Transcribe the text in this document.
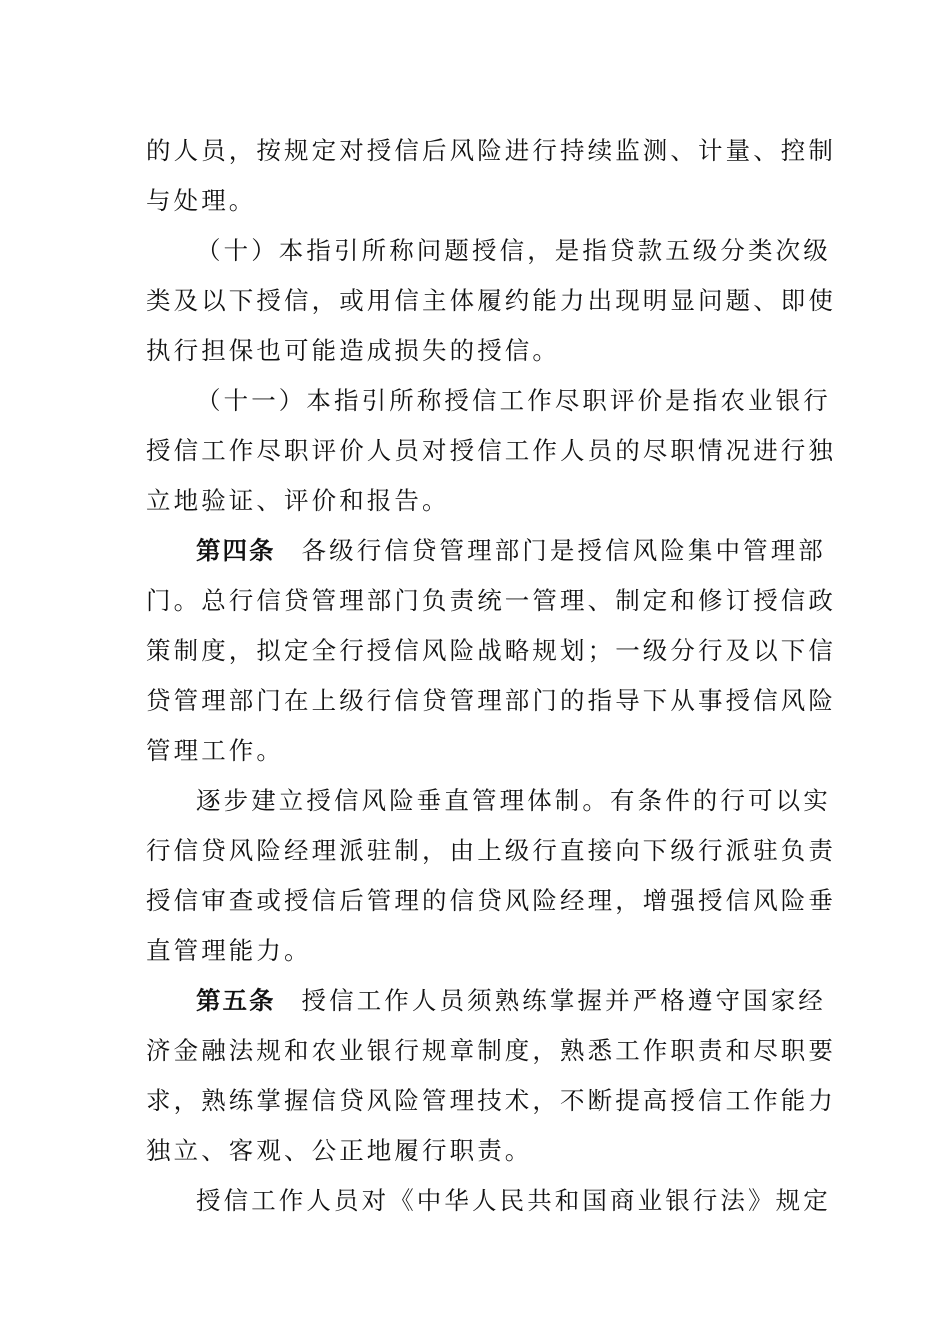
的人员，按规定对授信后风险进行持续监测、计量、控制
与处理。

（十）本指引所称问题授信，是指贷款五级分类次级
类及以下授信，或用信主体履约能力出现明显问题、即使
执行担保也可能造成损失的授信。

（十一）本指引所称授信工作尽职评价是指农业银行
授信工作尽职评价人员对授信工作人员的尽职情况进行独
立地验证、评价和报告。

第四条 各级行信贷管理部门是授信风险集中管理部
门。总行信贷管理部门负责统一管理、制定和修订授信政
策制度，拟定全行授信风险战略规划；一级分行及以下信
贷管理部门在上级行信贷管理部门的指导下从事授信风险
管理工作。

逐步建立授信风险垂直管理体制。有条件的行可以实
行信贷风险经理派驻制，由上级行直接向下级行派驻负责
授信审查或授信后管理的信贷风险经理，增强授信风险垂
直管理能力。

第五条 授信工作人员须熟练掌握并严格遵守国家经
济金融法规和农业银行规章制度，熟悉工作职责和尽职要
求，熟练掌握信贷风险管理技术，不断提高授信工作能力
独立、客观、公正地履行职责。

授信工作人员对《中华人民共和国商业银行法》规定
